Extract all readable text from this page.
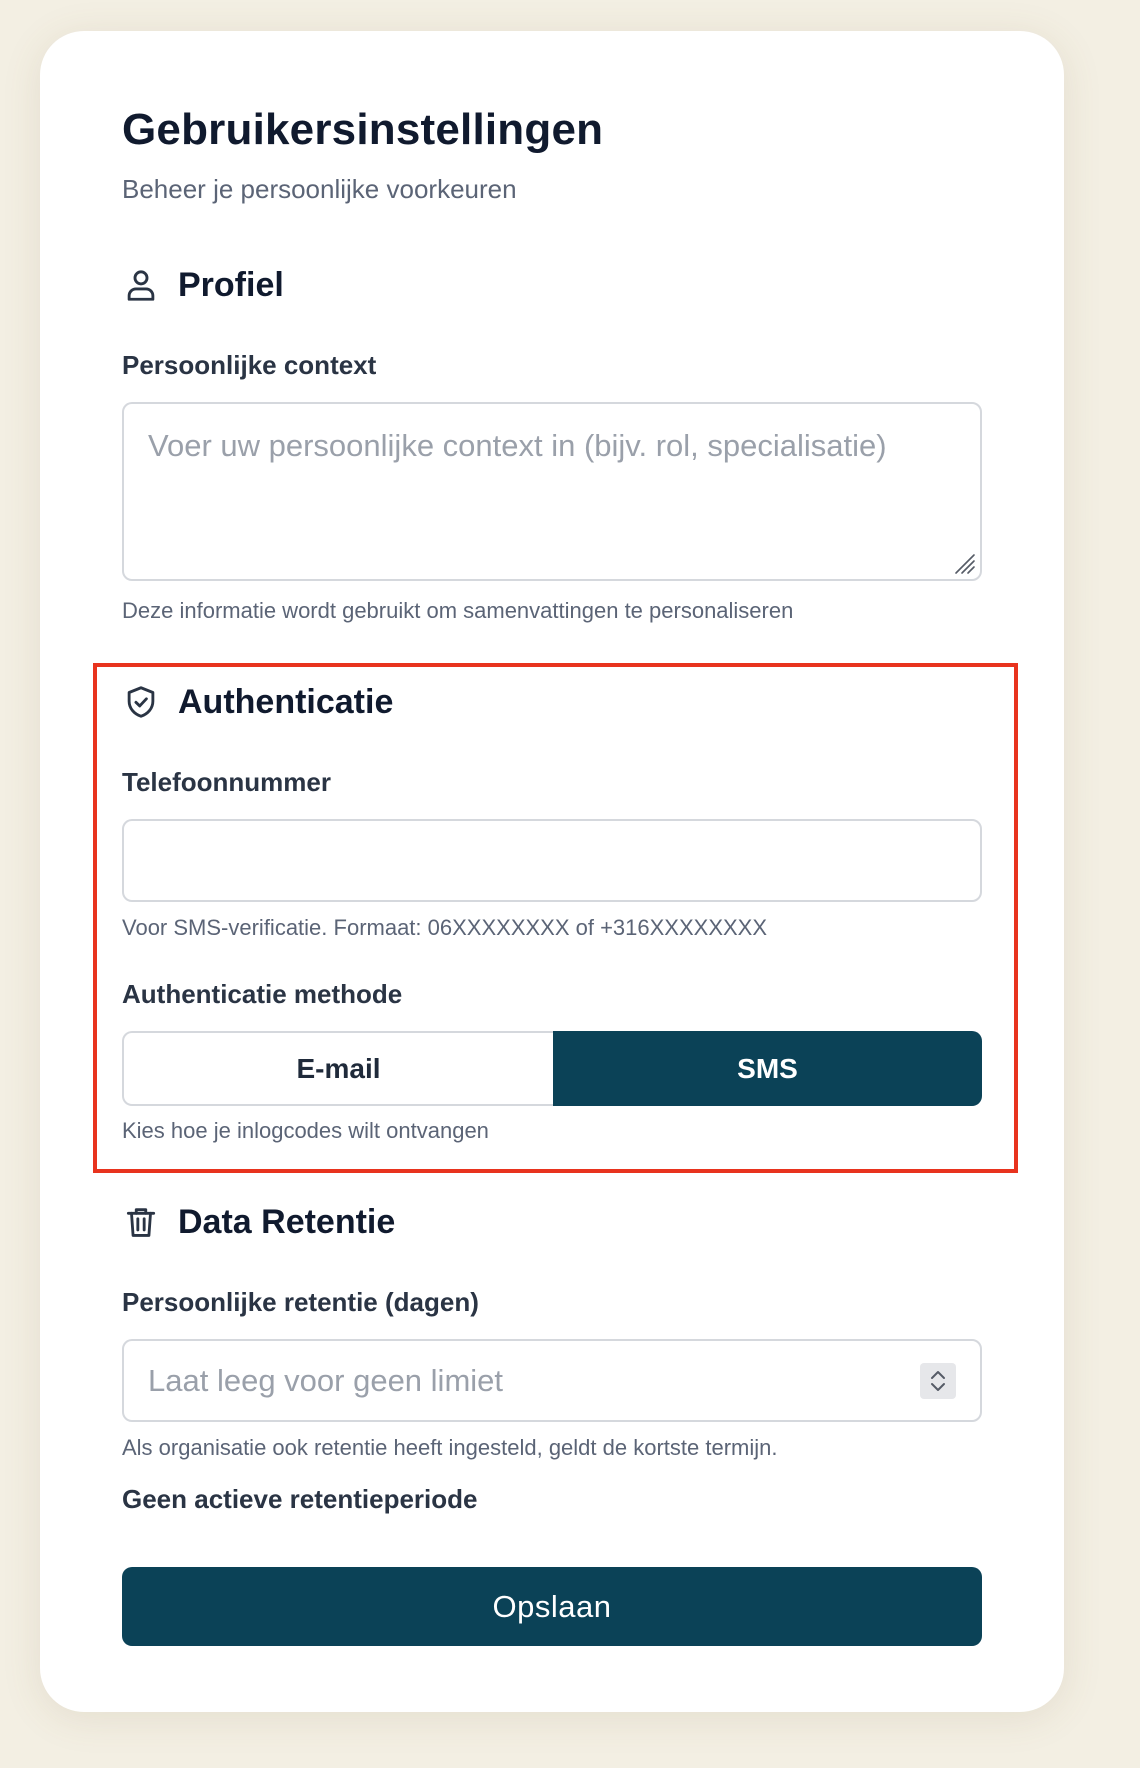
Gebruikersinstellingen

Beheer je persoonlijke voorkeuren

Profiel

Persoonlijke context

Voer uw persoonlijke context in (bijv. rol, specialisatie)

Deze informatie wordt gebruikt om samenvattingen te personaliseren

Authenticatie

Telefoonnummer

Voor SMS-verificatie. Formaat: 06XXXXXXXX of +316XXXXXXXX

Authenticatie methode

E-mail	SMS

Kies hoe je inlogcodes wilt ontvangen

Data Retentie

Persoonlijke retentie (dagen)

Laat leeg voor geen limiet

Als organisatie ook retentie heeft ingesteld, geldt de kortste termijn.

Geen actieve retentieperiode

Opslaan
